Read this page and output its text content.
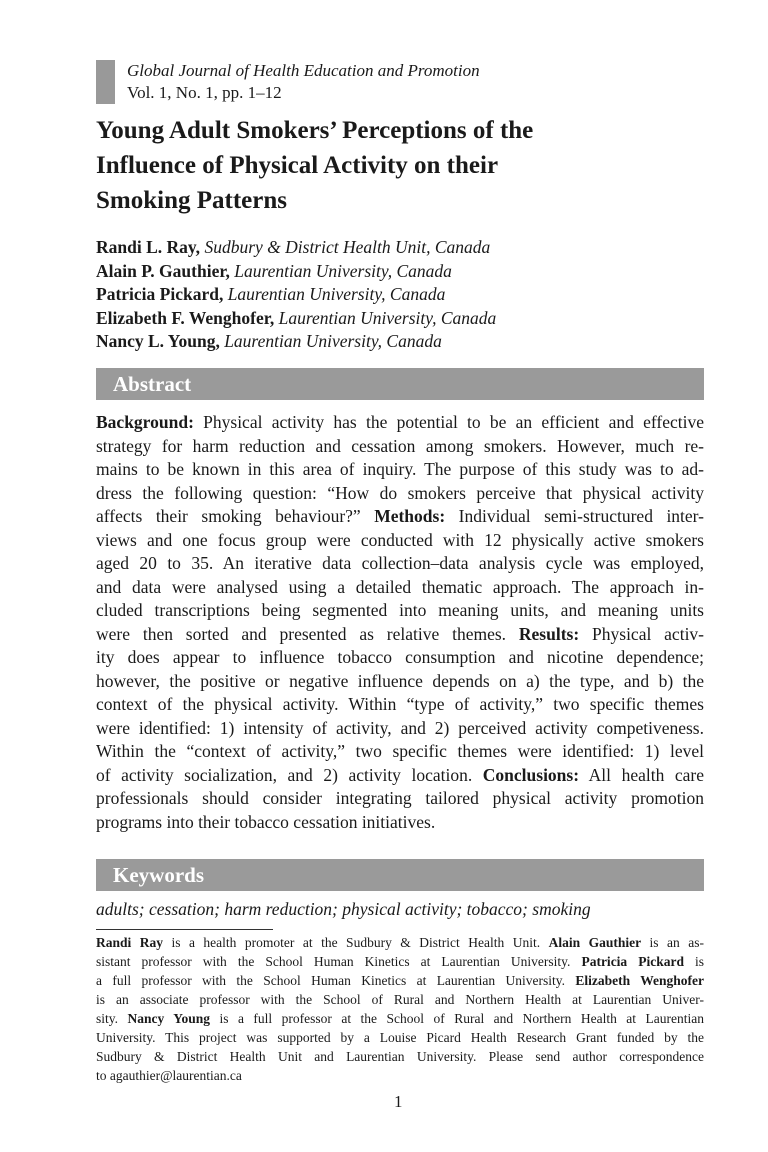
Global Journal of Health Education and Promotion
Vol. 1, No. 1, pp. 1–12
Young Adult Smokers’ Perceptions of the
Influence of Physical Activity on their
Smoking Patterns
Randi L. Ray, Sudbury & District Health Unit, Canada
Alain P. Gauthier, Laurentian University, Canada
Patricia Pickard, Laurentian University, Canada
Elizabeth F. Wenghofer, Laurentian University, Canada
Nancy L. Young, Laurentian University, Canada
Abstract
Background: Physical activity has the potential to be an efficient and effective
strategy for harm reduction and cessation among smokers. However, much re-
mains to be known in this area of inquiry. The purpose of this study was to ad-
dress the following question: “How do smokers perceive that physical activity
affects their smoking behaviour?” Methods: Individual semi-structured inter-
views and one focus group were conducted with 12 physically active smokers
aged 20 to 35. An iterative data collection–data analysis cycle was employed,
and data were analysed using a detailed thematic approach. The approach in-
cluded transcriptions being segmented into meaning units, and meaning units
were then sorted and presented as relative themes. Results: Physical activ-
ity does appear to influence tobacco consumption and nicotine dependence;
however, the positive or negative influence depends on a) the type, and b) the
context of the physical activity. Within “type of activity,” two specific themes
were identified: 1) intensity of activity, and 2) perceived activity competiveness.
Within the “context of activity,” two specific themes were identified: 1) level
of activity socialization, and 2) activity location. Conclusions: All health care
professionals should consider integrating tailored physical activity promotion
programs into their tobacco cessation initiatives.
Keywords
adults; cessation; harm reduction; physical activity; tobacco; smoking
Randi Ray is a health promoter at the Sudbury & District Health Unit. Alain Gauthier is an as-
sistant professor with the School Human Kinetics at Laurentian University. Patricia Pickard is
a full professor with the School Human Kinetics at Laurentian University. Elizabeth Wenghofer
is an associate professor with the School of Rural and Northern Health at Laurentian Univer-
sity. Nancy Young is a full professor at the School of Rural and Northern Health at Laurentian
University. This project was supported by a Louise Picard Health Research Grant funded by the
Sudbury & District Health Unit and Laurentian University. Please send author correspondence
to agauthier@laurentian.ca
1
